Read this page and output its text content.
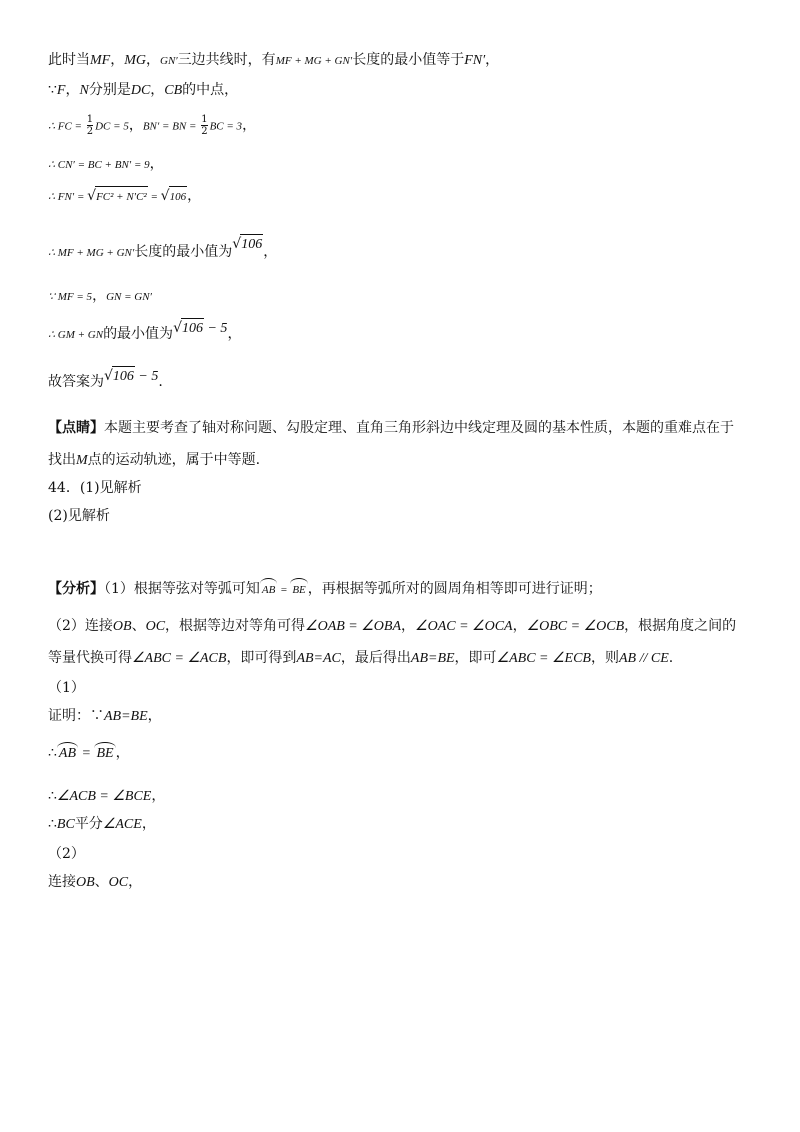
此时当MF，MG，GN′三边共线时，有MF + MG + GN′长度的最小值等于FN′，
∵F，N分别是DC，CB的中点，
∴ FC = $\frac{1}{2}$ DC = 5，BN′ = BN = $\frac{1}{2}$ BC = 3，
∴ CN′ = BC + BN′ = 9，
∴ FN′ = √FC² + N′C² = √106，
∴ MF + MG + GN′长度的最小值为√106，
∵ MF = 5，GN = GN′
∴ GM + GN的最小值为√106 − 5，
故答案为√106 − 5.
【点睛】本题主要考查了轴对称问题、勾股定理、直角三角形斜边中线定理及圆的基本性质，本题的重难点在于
找出M点的运动轨迹，属于中等题.
44．(1)见解析
(2)见解析
【分析】（1）根据等弦对等弧可知 AB = BE ，再根据等弧所对的圆周角相等即可进行证明；
（2）连接OB、OC，根据等边对等角可得∠OAB = ∠OBA，∠OAC = ∠OCA，∠OBC = ∠OCB，根据角度之间的
等量代换可得∠ABC = ∠ACB，即可得到AB=AC，最后得出AB=BE，即可∠ABC = ∠ECB，则AB // CE.
（1）
证明：∵AB=BE，
∴ AB = BE ，
∴∠ACB = ∠BCE，
∴BC平分∠ACE，
（2）
连接OB、OC，
